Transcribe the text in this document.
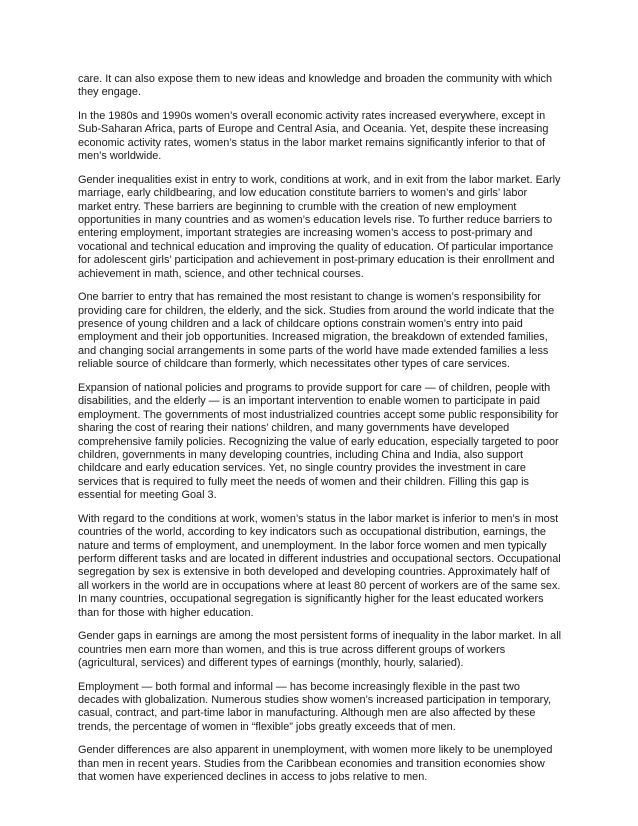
care. It can also expose them to new ideas and knowledge and broaden the community with which they engage.

In the 1980s and 1990s women’s overall economic activity rates increased everywhere, except in Sub-Saharan Africa, parts of Europe and Central Asia, and Oceania. Yet, despite these increasing economic activity rates, women’s status in the labor market remains significantly inferior to that of men’s worldwide.

Gender inequalities exist in entry to work, conditions at work, and in exit from the labor market. Early marriage, early childbearing, and low education constitute barriers to women’s and girls’ labor market entry. These barriers are beginning to crumble with the creation of new employment opportunities in many countries and as women’s education levels rise. To further reduce barriers to entering employment, important strategies are increasing women’s access to post-primary and vocational and technical education and improving the quality of education. Of particular importance for adolescent girls’ participation and achievement in post-primary education is their enrollment and achievement in math, science, and other technical courses.

One barrier to entry that has remained the most resistant to change is women’s responsibility for providing care for children, the elderly, and the sick. Studies from around the world indicate that the presence of young children and a lack of childcare options constrain women’s entry into paid employment and their job opportunities. Increased migration, the breakdown of extended families, and changing social arrangements in some parts of the world have made extended families a less reliable source of childcare than formerly, which necessitates other types of care services.

Expansion of national policies and programs to provide support for care — of children, people with disabilities, and the elderly — is an important intervention to enable women to participate in paid employment. The governments of most industrialized countries accept some public responsibility for sharing the cost of rearing their nations’ children, and many governments have developed comprehensive family policies. Recognizing the value of early education, especially targeted to poor children, governments in many developing countries, including China and India, also support childcare and early education services. Yet, no single country provides the investment in care services that is required to fully meet the needs of women and their children. Filling this gap is essential for meeting Goal 3.

With regard to the conditions at work, women’s status in the labor market is inferior to men’s in most countries of the world, according to key indicators such as occupational distribution, earnings, the nature and terms of employment, and unemployment. In the labor force women and men typically perform different tasks and are located in different industries and occupational sectors. Occupational segregation by sex is extensive in both developed and developing countries. Approximately half of all workers in the world are in occupations where at least 80 percent of workers are of the same sex. In many countries, occupational segregation is significantly higher for the least educated workers than for those with higher education.

Gender gaps in earnings are among the most persistent forms of inequality in the labor market. In all countries men earn more than women, and this is true across different groups of workers (agricultural, services) and different types of earnings (monthly, hourly, salaried).

Employment — both formal and informal — has become increasingly flexible in the past two decades with globalization. Numerous studies show women’s increased participation in temporary, casual, contract, and part-time labor in manufacturing. Although men are also affected by these trends, the percentage of women in “flexible” jobs greatly exceeds that of men.

Gender differences are also apparent in unemployment, with women more likely to be unemployed than men in recent years. Studies from the Caribbean economies and transition economies show that women have experienced declines in access to jobs relative to men.
